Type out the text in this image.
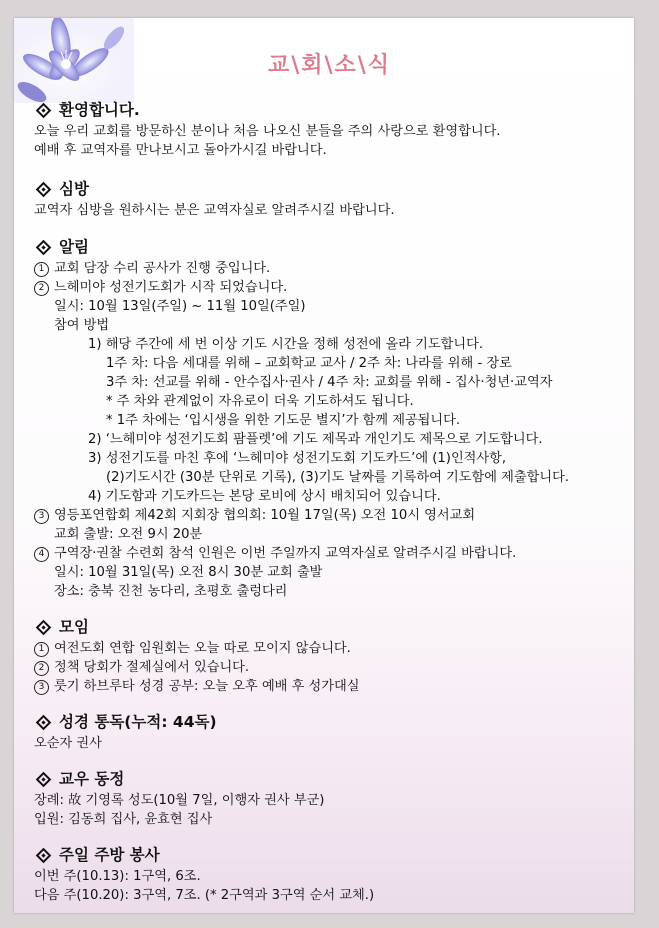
교\회\소\식
환영합니다.
오늘 우리 교회를 방문하신 분이나 처음 나오신 분들을 주의 사랑으로 환영합니다.
예배 후 교역자를 만나보시고 돌아가시길 바랍니다.
심방
교역자 심방을 원하시는 분은 교역자실로 알려주시길 바랍니다.
알림
1 교회 담장 수리 공사가 진행 중입니다.
2 느헤미야 성전기도회가 시작 되었습니다.
일시: 10월 13일(주일) ~ 11월 10일(주일)
참여 방법
1) 해당 주간에 세 번 이상 기도 시간을 정해 성전에 올라 기도합니다.
1주 차: 다음 세대를 위해 – 교회학교 교사 / 2주 차: 나라를 위해 - 장로
3주 차: 선교를 위해 - 안수집사·권사 / 4주 차: 교회를 위해 - 집사·청년·교역자
* 주 차와 관계없이 자유로이 더욱 기도하셔도 됩니다.
* 1주 차에는 ‘입시생을 위한 기도문 별지’가 함께 제공됩니다.
2) ‘느헤미야 성전기도회 팜플렛’에 기도 제목과 개인기도 제목으로 기도합니다.
3) 성전기도를 마친 후에 ‘느헤미야 성전기도회 기도카드’에 (1)인적사항,
(2)기도시간 (30분 단위로 기록), (3)기도 날짜를 기록하여 기도함에 제출합니다.
4) 기도함과 기도카드는 본당 로비에 상시 배치되어 있습니다.
3 영등포연합회 제42회 지회장 협의회: 10월 17일(목) 오전 10시 영서교회
교회 출발: 오전 9시 20분
4 구역장·권찰 수련회 참석 인원은 이번 주일까지 교역자실로 알려주시길 바랍니다.
일시: 10월 31일(목) 오전 8시 30분 교회 출발
장소: 충북 진천 농다리, 초평호 출렁다리
모임
1 여전도회 연합 임원회는 오늘 따로 모이지 않습니다.
2 정책 당회가 절제실에서 있습니다.
3 룻기 하브루타 성경 공부: 오늘 오후 예배 후 성가대실
성경 통독(누적: 44독)
오순자 권사
교우 동정
장례: 故 기영록 성도(10월 7일, 이행자 권사 부군)
입원: 김동희 집사, 윤효현 집사
주일 주방 봉사
이번 주(10.13): 1구역, 6조.
다음 주(10.20): 3구역, 7조. (* 2구역과 3구역 순서 교체.)
